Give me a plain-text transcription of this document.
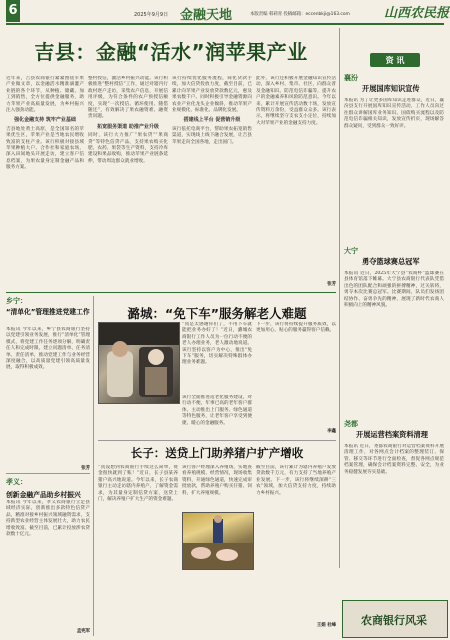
6	2025年9月9日 金融天地	本版责编 韩莉青 投稿邮箱：eccenbkji@163.com	山西农民报
吉县：金融“活水”润苹果产业
近年来，吉县农商银行紧紧围绕苹果产业做文章，以金融活水精准滴灌产业链的各个环节，从种植、储藏、加工到销售，全方位提供金融服务，助力苹果产业高质量发展，为乡村振兴注入强劲动能。
强化金融支持 筑牢产业基础
吉县地处黄土高原，是全国知名的苹果优生区，苹果产业是当地农民增收致富的支柱产业。该行积极对接县域苹果种植大户、合作社和家庭农场，深入田间地头开展走访，建立客户信息档案，为果农量身定制金融产品和服务方案。
整村授信，激活乡村振兴动能。该行积极推进“整村授信”工作，通过对辖内行政村逐户走访，采集农户信息，开展信用评级，为符合条件的农户预授信额度，实现“一次授信、循环使用、随借随还”，有效解决了果农融资难、融资贵问题。
拓宽服务渠道 助推产业升级
同时，该行大力推广“果农贷”“果商贷”等特色信贷产品，支持果农购买化肥、农药、果袋等生产资料，支持冷库建设和果品收购，推动苹果产业链条延伸，带动周边群众就业增收。
该行持续优化服务流程，简化贷款手续，加大信贷投放力度，截至目前，已累计向苹果产业发放贷款数亿元，惠及果农数千户。同时积极引导金融资源向农业产业化龙头企业倾斜，推动苹果产业规模化、标准化、品牌化发展。
搭建线上平台 促营销升级
该行依托电商平台，帮助果农拓宽销售渠道，实现线上线下融合发展，让吉县苹果走向全国各地，走出国门。
此外，该行还积极开展金融知识宣传活动，深入乡村、集市、社区，向群众普及金融知识、防范电信诈骗等，提升农户的金融素养和风险防范意识。今年以来，累计开展宣传活动数十场，发放宣传资料万余份，受益群众众多。该行表示，将继续坚守支农支小定位，持续加大对苹果产业的金融支持力度。
张芳
资 讯
襄汾
开展国库知识宣传
本报讯 为了让更多国库知识走进群众，近日，襄汾县支行开展国库知识宣传活动，工作人员向过往群众讲解国库业务知识、国债购买流程以及防范电信诈骗相关知识，发放宣传折页，现场解答群众疑问，受到群众一致好评。
大宁
勇夺篮球赛总冠军
本报讯 近日，2025年大宁县“农商杯”篮球赛在县体育馆落下帷幕。大宁县农商银行代表队凭借出色的团队配合和顽强的拼搏精神，过关斩将，勇夺本次比赛总冠军。比赛期间，队员们发扬团结协作、奋勇争先的精神，展现了新时代农商人积极向上的精神风貌。
尧都
开展运营档案资料清理
本报讯 近日，尧都农商银行对运营档案资料开展清理工作，对各网点会计档案的整理装订、保管、移交等环节进行全面检查，督促各网点规范档案管理，确保会计档案资料完整、安全，为业务稳健发展夯实基础。
乡宁：
“清单化”管理推进党建工作
本报讯 今年以来，乡宁县农商银行坚持以党建引领业务发展，推行“清单化”管理模式，将党建工作任务逐项分解，明确责任人和完成时限，建立问题清单、任务清单、责任清单，推动党建工作与业务经营深度融合，以高质量党建引领高质量发展，取得积极成效。
张芳
孝义：
创新金融产品助乡村振兴
本报讯 今年以来，孝义农商银行立足县域经济实际，创新推出多款特色信贷产品，精准对接乡村振兴领域融资需求，支持新型农业经营主体发展壮大，助力农民增收致富。截至目前，已累计投放涉农贷款数十亿元。
孟宪军
潞城：“免下车”服务解老人难题
“真是太感谢你们了，不用下车就能把业务办好了！”近日，潞城农商银行工作人员为一位行动不便的老人办理业务，老人激动地说道。该行坚持以客户为中心，推出“免下车”服务，切实解决特殊群体办理业务难题。
该行全面推进适老化服务建设，对行动不便、年事已高的老年客户群体，主动推出上门服务、绿色通道等特色服务，让老年客户享受到便捷、暖心的金融服务。
下一步，该行将持续提升服务质效，以更加用心、贴心的服务赢得客户信赖。
李鑫
长子：送贷上门助养猪户扩产增收
“真没想到农商银行手续这么简单，资金很快就到了账！”近日，长子县某养猪户高兴地说道。今年以来，长子农商银行主动走访辖内养殖户，了解资金需求，为其量身定制信贷方案，送贷上门，解决养殖户扩大生产的资金难题。
该行客户经理深入养殖场，实地查看养殖规模、经营情况，现场收集资料，开通绿色通道，快速完成审批放款，帮助养殖户购买仔猪、饲料，扩大养殖规模。
截至目前，该行累计为辖内养殖户发放贷款数千万元，有力支持了当地养殖产业发展。下一步，该行将继续深耕“三农”领域，加大信贷支持力度，持续助力乡村振兴。
王娟 杜峰	农商银行风采
